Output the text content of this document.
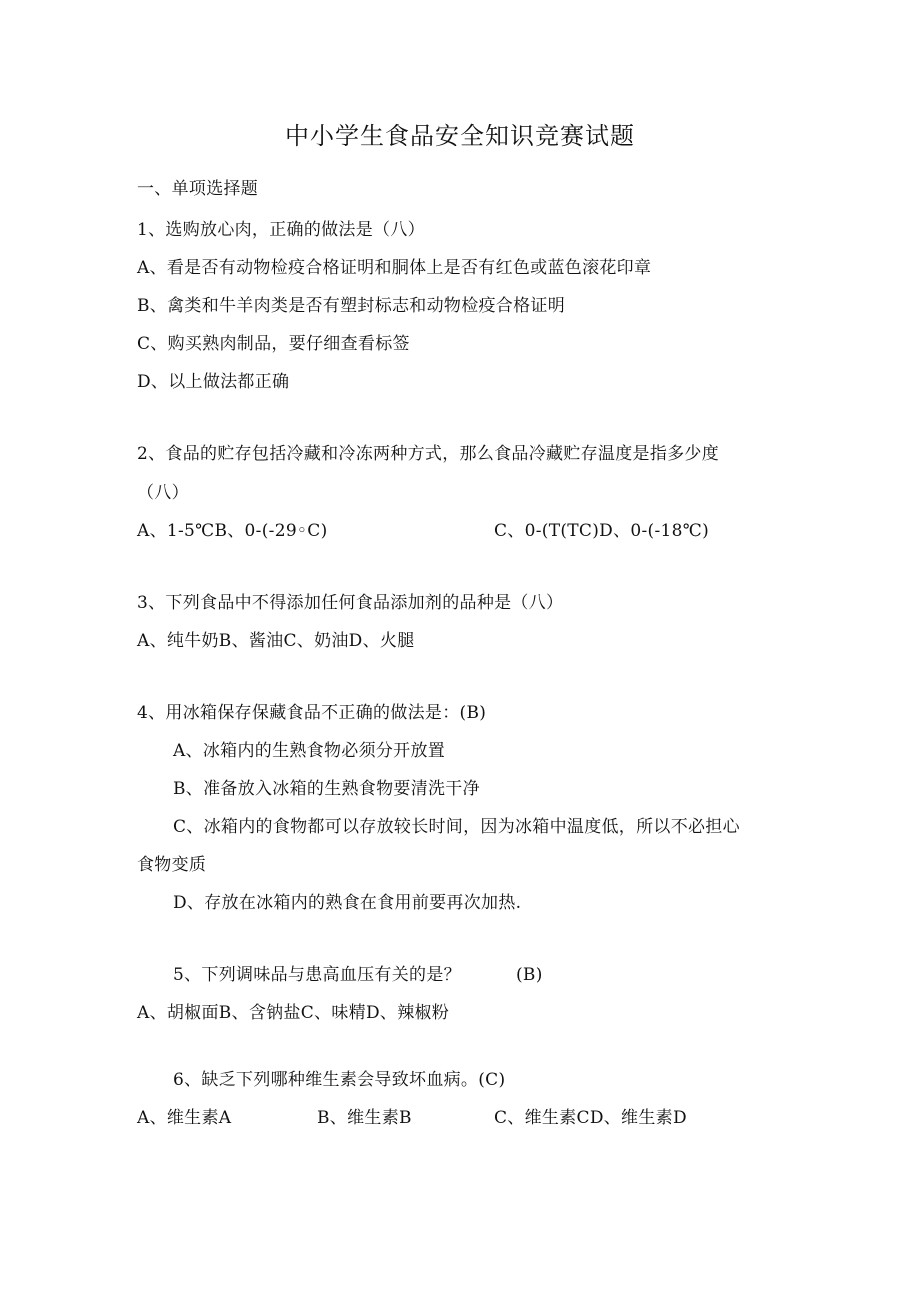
中小学生食品安全知识竞赛试题
一、单项选择题
1、选购放心肉，正确的做法是（八）
A、看是否有动物检疫合格证明和胴体上是否有红色或蓝色滚花印章
B、禽类和牛羊肉类是否有塑封标志和动物检疫合格证明
C、购买熟肉制品，要仔细查看标签
D、以上做法都正确
2、食品的贮存包括冷藏和冷冻两种方式，那么食品冷藏贮存温度是指多少度
（八）
A、1-5℃B、0-(-29◦C)	C、0-(T(TC)D、0-(-18℃)
3、下列食品中不得添加任何食品添加剂的品种是（八）
A、纯牛奶B、酱油C、奶油D、火腿
4、用冰箱保存保藏食品不正确的做法是：(B)
A、冰箱内的生熟食物必须分开放置
B、准备放入冰箱的生熟食物要清洗干净
C、冰箱内的食物都可以存放较长时间，因为冰箱中温度低，所以不必担心
食物变质
D、存放在冰箱内的熟食在食用前要再次加热.
5、下列调味品与患高血压有关的是？	(B)
A、胡椒面B、含钠盐C、味精D、辣椒粉
6、缺乏下列哪种维生素会导致坏血病。(C)
A、维生素A	B、维生素B	C、维生素CD、维生素D
